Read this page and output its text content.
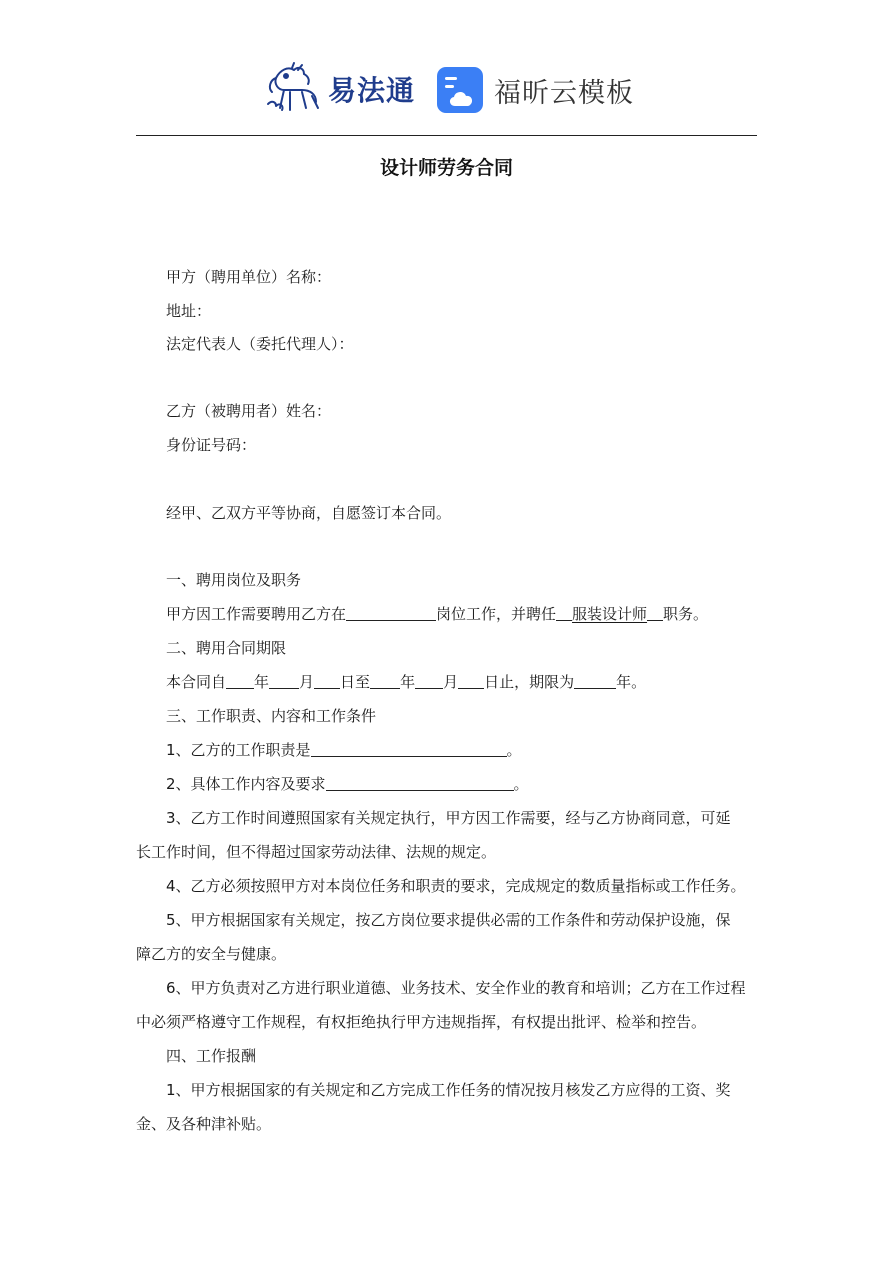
易法通	福昕云模板
设计师劳务合同
甲方（聘用单位）名称：
地址：
法定代表人（委托代理人）：
乙方（被聘用者）姓名：
身份证号码：
经甲、乙双方平等协商，自愿签订本合同。
一、聘用岗位及职务
甲方因工作需要聘用乙方在	岗位工作，并聘任 服装设计师 职务。
二、聘用合同期限
本合同自 年 月 日至 年 月 日止，期限为	年。
三、工作职责、内容和工作条件
1、乙方的工作职责是	。
2、具体工作内容及要求	。
3、乙方工作时间遵照国家有关规定执行，甲方因工作需要，经与乙方协商同意，可延
长工作时间，但不得超过国家劳动法律、法规的规定。
4、乙方必须按照甲方对本岗位任务和职责的要求，完成规定的数质量指标或工作任务。
5、甲方根据国家有关规定，按乙方岗位要求提供必需的工作条件和劳动保护设施，保
障乙方的安全与健康。
6、甲方负责对乙方进行职业道德、业务技术、安全作业的教育和培训；乙方在工作过程
中必须严格遵守工作规程，有权拒绝执行甲方违规指挥，有权提出批评、检举和控告。
四、工作报酬
1、甲方根据国家的有关规定和乙方完成工作任务的情况按月核发乙方应得的工资、奖
金、及各种津补贴。
